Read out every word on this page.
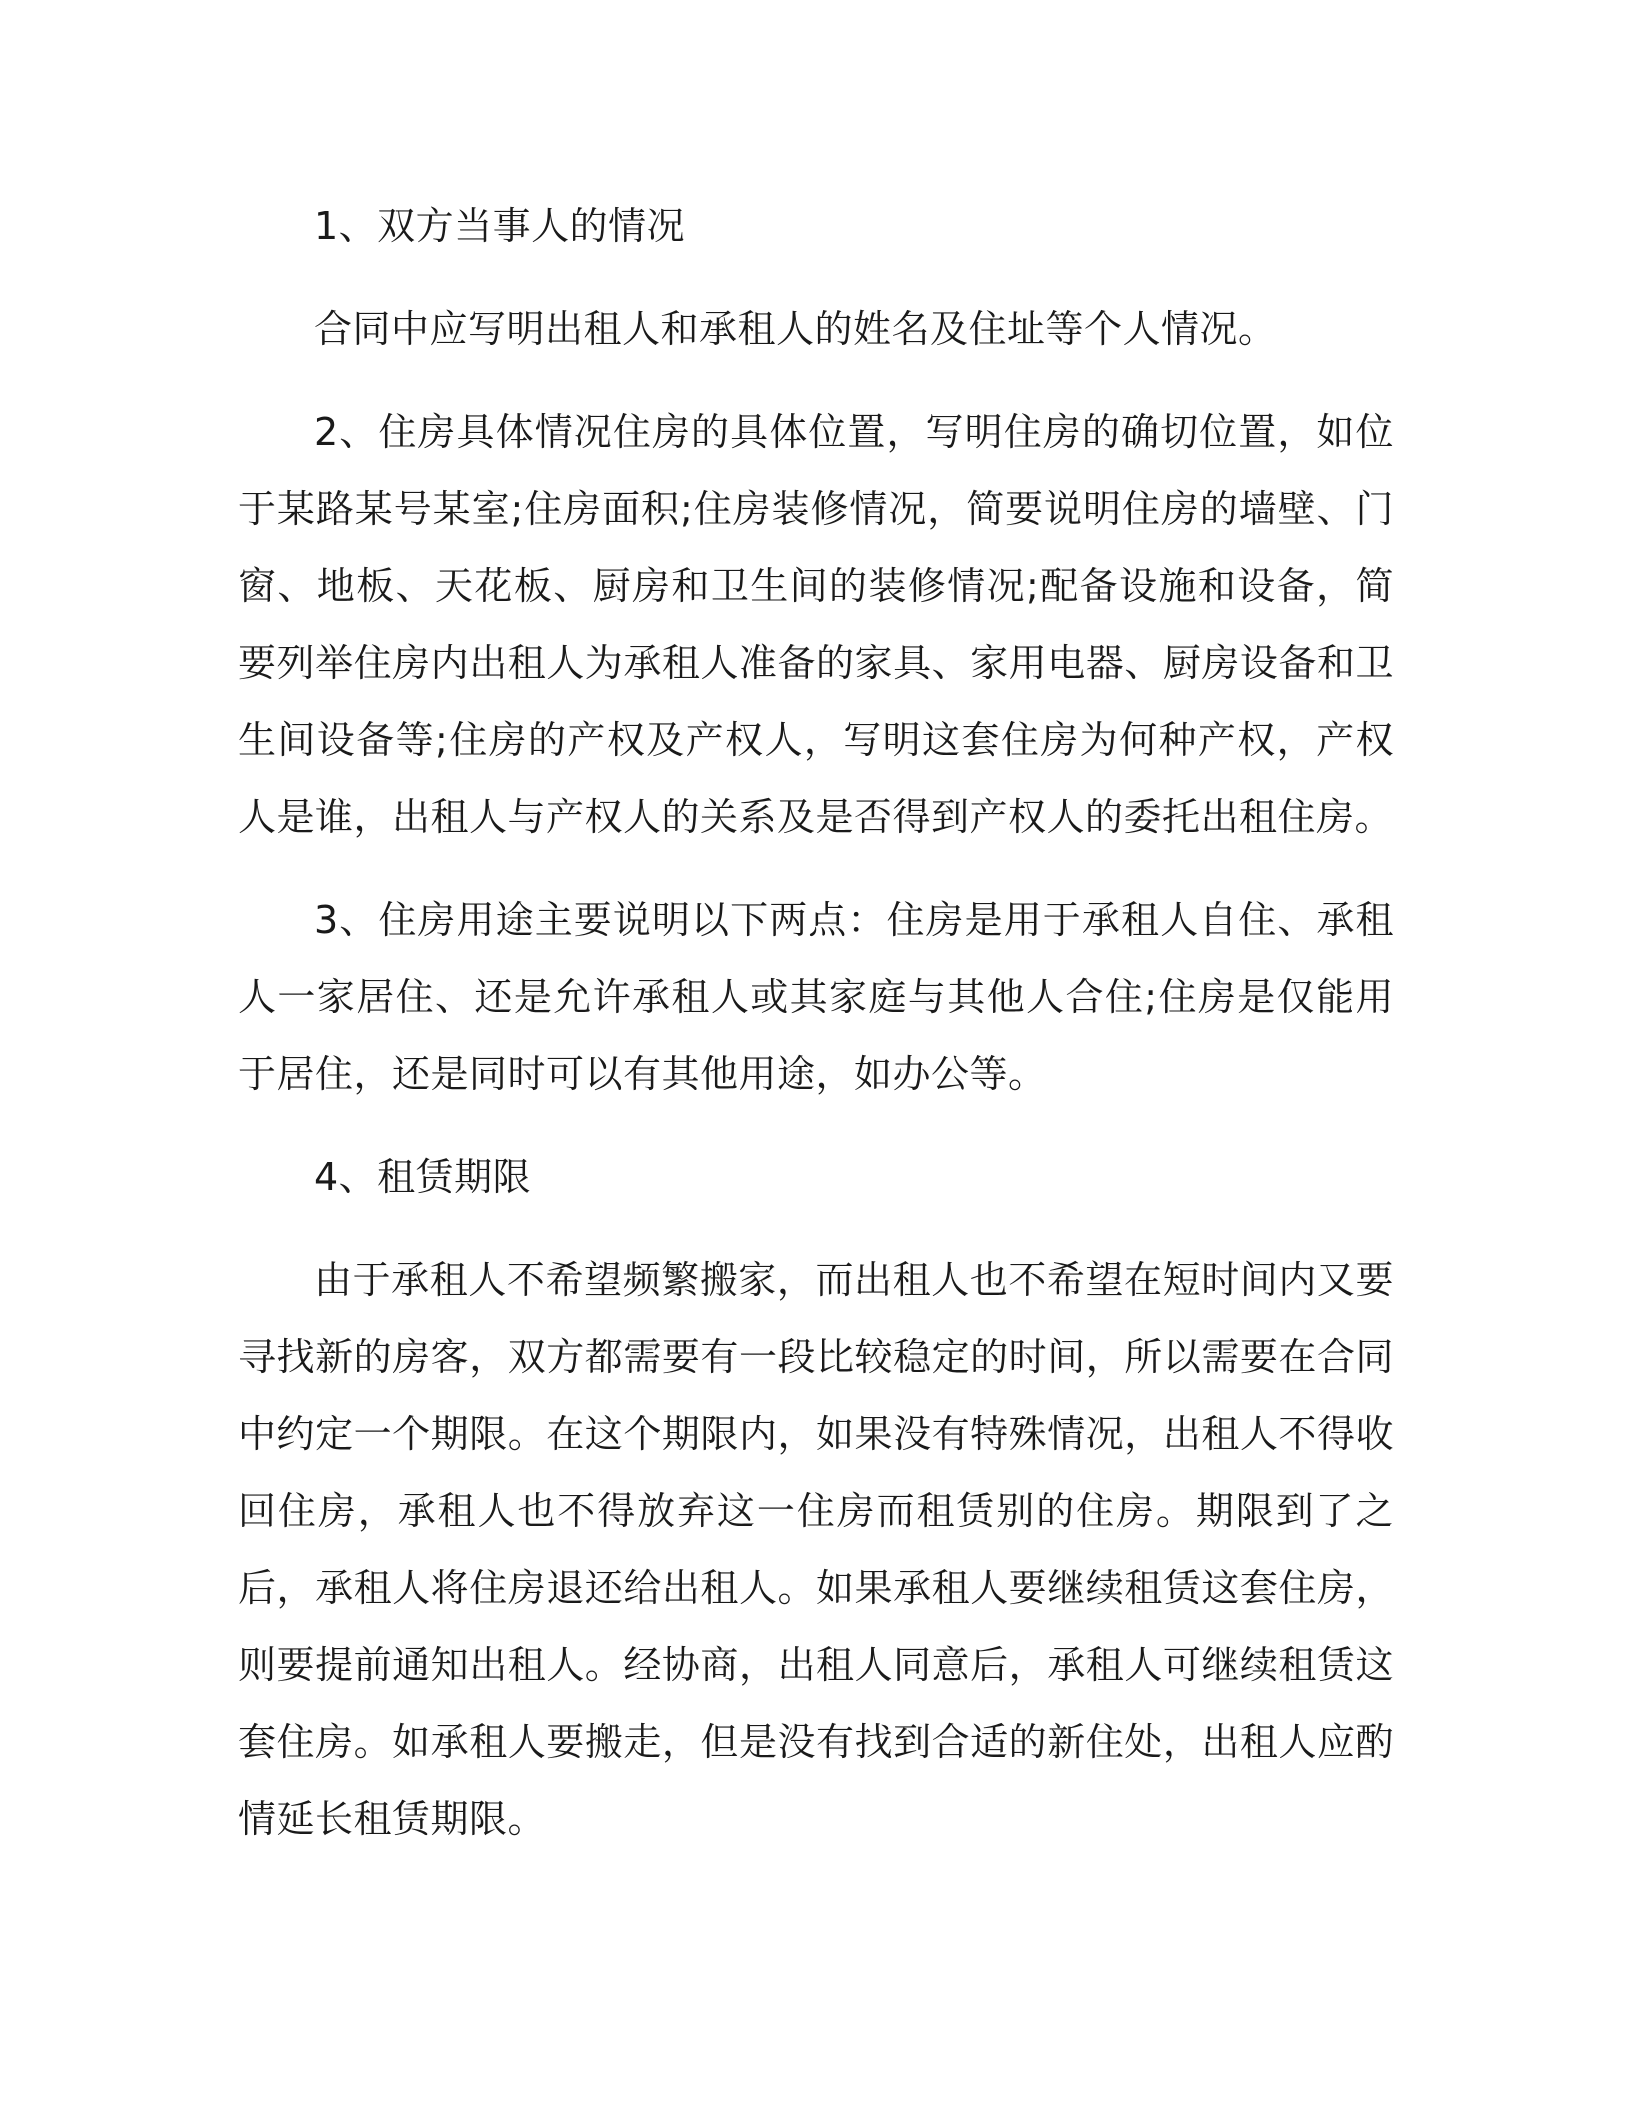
1、双方当事人的情况

合同中应写明出租人和承租人的姓名及住址等个人情况。

2、住房具体情况住房的具体位置，写明住房的确切位置，如位于某路某号某室;住房面积;住房装修情况，简要说明住房的墙壁、门窗、地板、天花板、厨房和卫生间的装修情况;配备设施和设备，简要列举住房内出租人为承租人准备的家具、家用电器、厨房设备和卫生间设备等;住房的产权及产权人，写明这套住房为何种产权，产权人是谁，出租人与产权人的关系及是否得到产权人的委托出租住房。

3、住房用途主要说明以下两点：住房是用于承租人自住、承租人一家居住、还是允许承租人或其家庭与其他人合住;住房是仅能用于居住，还是同时可以有其他用途，如办公等。

4、租赁期限

由于承租人不希望频繁搬家，而出租人也不希望在短时间内又要寻找新的房客，双方都需要有一段比较稳定的时间，所以需要在合同中约定一个期限。在这个期限内，如果没有特殊情况，出租人不得收回住房，承租人也不得放弃这一住房而租赁别的住房。期限到了之后，承租人将住房退还给出租人。如果承租人要继续租赁这套住房，则要提前通知出租人。经协商，出租人同意后，承租人可继续租赁这套住房。如承租人要搬走，但是没有找到合适的新住处，出租人应酌情延长租赁期限。
